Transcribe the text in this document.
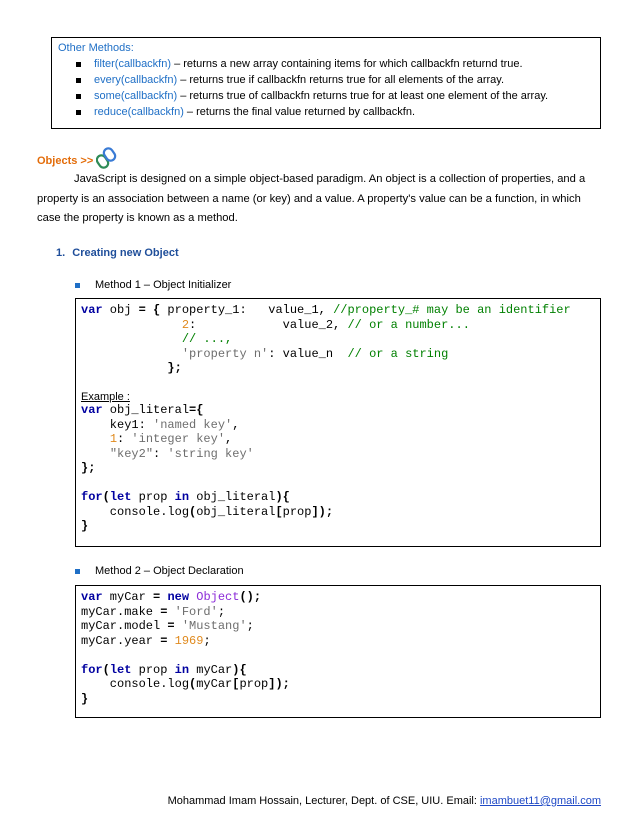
Other Methods:
filter(callbackfn) – returns a new array containing items for which callbackfn returnd true.
every(callbackfn) – returns true if callbackfn returns true for all elements of the array.
some(callbackfn) – returns true of callbackfn returns true for at least one element of the array.
reduce(callbackfn) – returns the final value returned by callbackfn.
Objects >>
JavaScript is designed on a simple object-based paradigm. An object is a collection of properties, and a property is an association between a name (or key) and a value. A property's value can be a function, in which case the property is known as a method.
1. Creating new Object
Method 1 – Object Initializer
var obj = { property_1:   value_1, //property_# may be an identifier
2:            value_2, // or a number...
// ...,
'property n': value_n  // or a string
};
Example :
var obj_literal={
key1: 'named key',
1: 'integer key',
"key2": 'string key'
};

for(let prop in obj_literal){
console.log(obj_literal[prop]);
}
Method 2 – Object Declaration
var myCar = new Object();
myCar.make = 'Ford';
myCar.model = 'Mustang';
myCar.year = 1969;

for(let prop in myCar){
console.log(myCar[prop]);
}
Mohammad Imam Hossain, Lecturer, Dept. of CSE, UIU. Email: imambuet11@gmail.com
